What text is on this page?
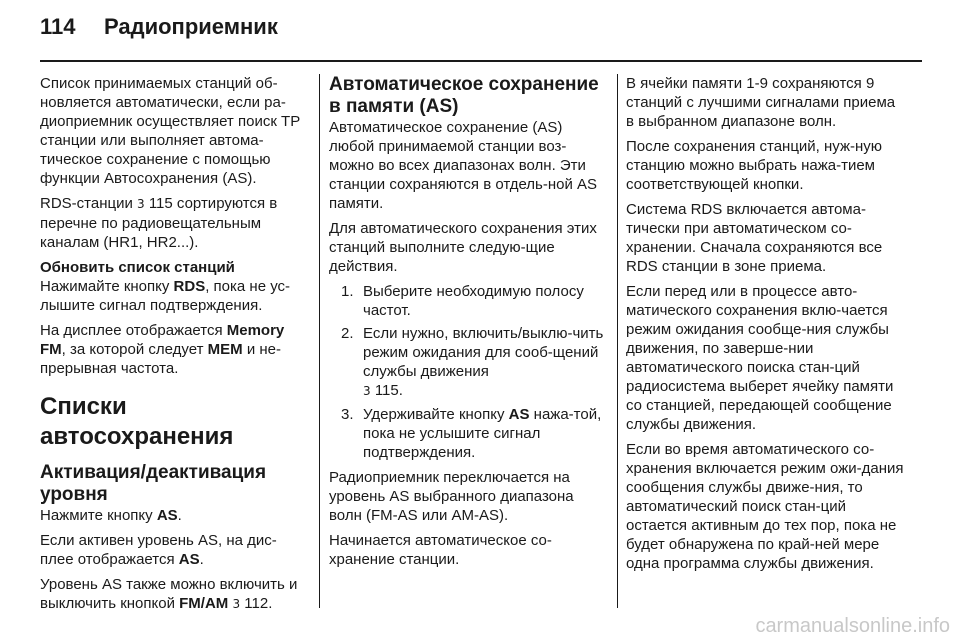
114	Радиоприемник

Список принимаемых станций об-новляется автоматически, если ра-диоприемник осуществляет поиск ТР станции или выполняет автома-тическое сохранение с помощью функции Автосохранения (AS).

RDS-станции 3 115 сортируются в перечне по радиовещательным каналам (HR1, HR2...).

Обновить список станций

Нажимайте кнопку RDS, пока не ус-лышите сигнал подтверждения.

На дисплее отображается Memory FM, за которой следует MEM и не-прерывная частота.

Списки автосохранения
Активация/деактивация уровня

Нажмите кнопку AS.

Если активен уровень AS, на дис-плее отображается AS.

Уровень AS также можно включить и выключить кнопкой FM/AM 3 112.

Автоматическое сохранение в памяти (AS)

Автоматическое сохранение (AS) любой принимаемой станции воз-можно во всех диапазонах волн. Эти станции сохраняются в отдель-ной AS памяти.

Для автоматического сохранения этих станций выполните следую-щие действия.

1. Выберите необходимую полосу частот.
2. Если нужно, включить/выклю-чить режим ожидания для сооб-щений службы движения
3 115.
3. Удерживайте кнопку AS нажа-той, пока не услышите сигнал подтверждения.

Радиоприемник переключается на уровень AS выбранного диапазона волн (FM-AS или AM-AS).

Начинается автоматическое со-хранение станции.

В ячейки памяти 1-9 сохраняются 9 станций с лучшими сигналами приема в выбранном диапазоне волн.

После сохранения станций, нуж-ную станцию можно выбрать нажа-тием соответствующей кнопки.

Система RDS включается автома-тически при автоматическом со-хранении. Сначала сохраняются все RDS станции в зоне приема.

Если перед или в процессе авто-матического сохранения вклю-чается режим ожидания сообще-ния службы движения, по заверше-нии автоматического поиска стан-ций радиосистема выберет ячейку памяти со станцией, передающей сообщение службы движения.

Если во время автоматического со-хранения включается режим ожи-дания сообщения службы движе-ния, то автоматический поиск стан-ций остается активным до тех пор, пока не будет обнаружена по край-ней мере одна программа службы движения.

carmanualsonline.info
